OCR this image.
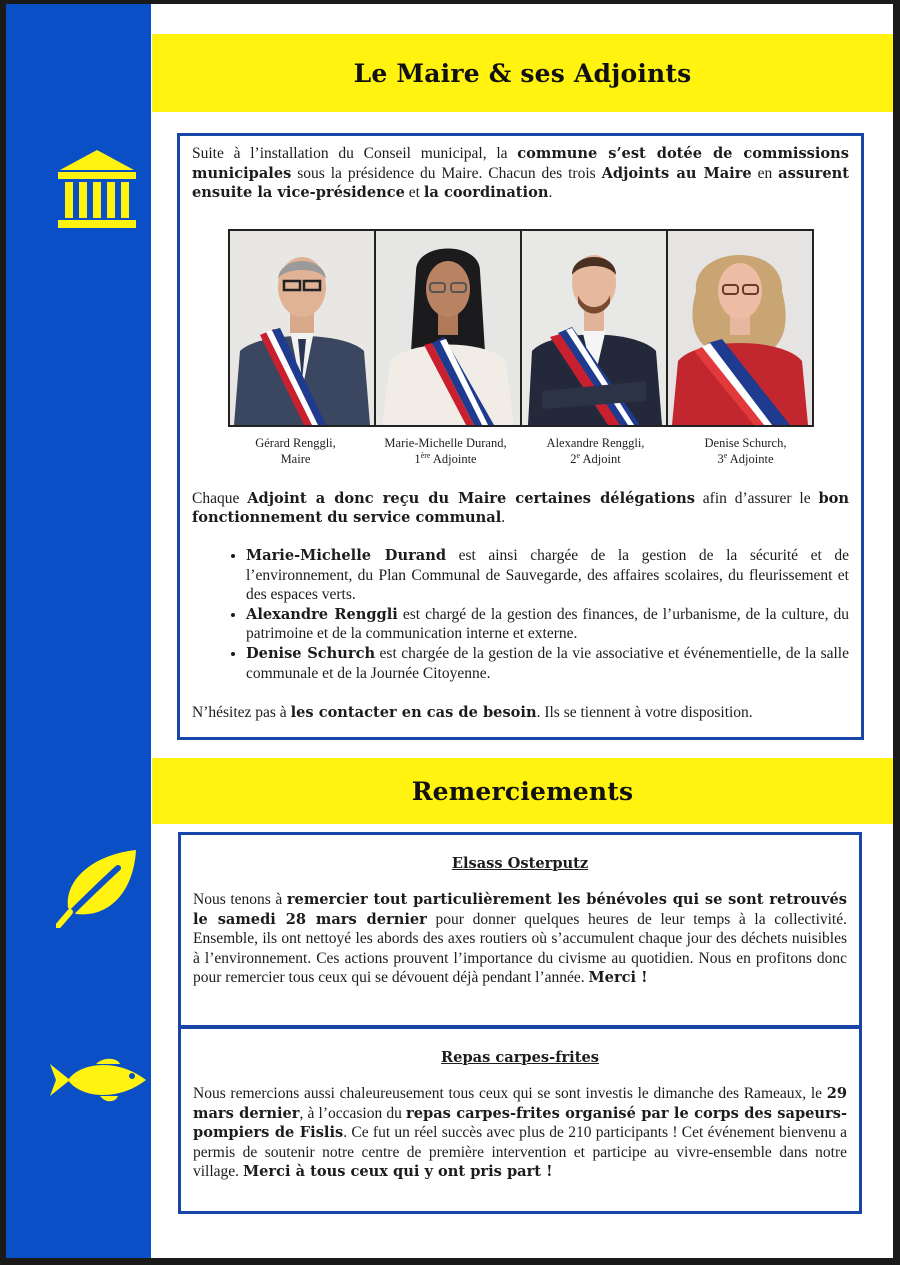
Le Maire & ses Adjoints

Suite à l’installation du Conseil municipal, la commune s’est dotée de commissions municipales sous la présidence du Maire. Chacun des trois Adjoints au Maire en assurent ensuite la vice-présidence et la coordination.

Gérard Renggli,
Maire
Marie-Michelle Durand,
1ère Adjointe
Alexandre Renggli,
2e Adjoint
Denise Schurch,
3e Adjointe

Chaque Adjoint a donc reçu du Maire certaines délégations afin d’assurer le bon fonctionnement du service communal.

• Marie-Michelle Durand est ainsi chargée de la gestion de la sécurité et de l’environnement, du Plan Communal de Sauvegarde, des affaires scolaires, du fleurissement et des espaces verts.
• Alexandre Renggli est chargé de la gestion des finances, de l’urbanisme, de la culture, du patrimoine et de la communication interne et externe.
• Denise Schurch est chargée de la gestion de la vie associative et événementielle, de la salle communale et de la Journée Citoyenne.

N’hésitez pas à les contacter en cas de besoin. Ils se tiennent à votre disposition.

Remerciements
Elsass Osterputz

Nous tenons à remercier tout particulièrement les bénévoles qui se sont retrouvés le samedi 28 mars dernier pour donner quelques heures de leur temps à la collectivité. Ensemble, ils ont nettoyé les abords des axes routiers où s’accumulent chaque jour des déchets nuisibles à l’environnement. Ces actions prouvent l’importance du civisme au quotidien. Nous en profitons donc pour remercier tous ceux qui se dévouent déjà pendant l’année. Merci !

Repas carpes-frites

Nous remercions aussi chaleureusement tous ceux qui se sont investis le dimanche des Rameaux, le 29 mars dernier, à l’occasion du repas carpes-frites organisé par le corps des sapeurs-pompiers de Fislis. Ce fut un réel succès avec plus de 210 participants ! Cet événement bienvenu a permis de soutenir notre centre de première intervention et participe au vivre-ensemble dans notre village. Merci à tous ceux qui y ont pris part !
